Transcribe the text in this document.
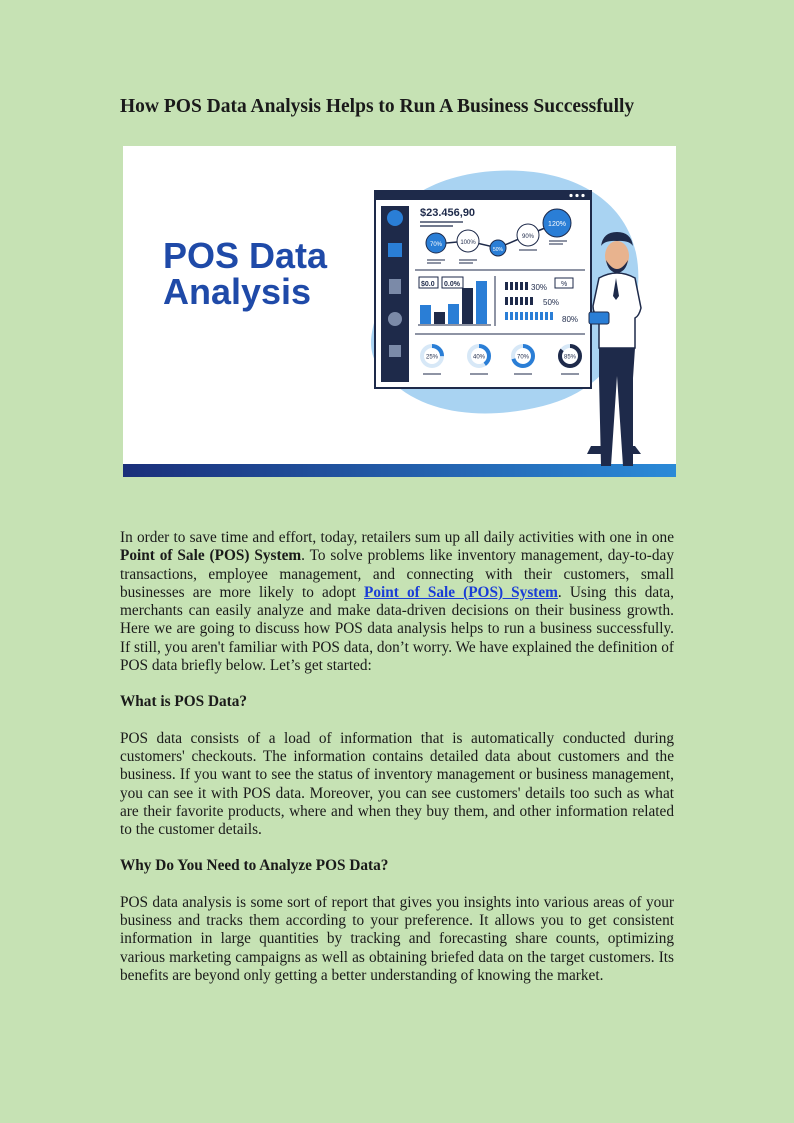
How POS Data Analysis Helps to Run A Business Successfully
POS Data
Analysis
$23.456,90
70%	100%
50%
90%
120%
$0.0 0.0%	30%
50%
80%
%
25%	40%	70%	85%

In order to save time and effort, today, retailers sum up all daily activities with one in one Point of Sale (POS) System. To solve problems like inventory management, day-to-day transactions, employee management, and connecting with their customers, small businesses are more likely to adopt Point of Sale (POS) System. Using this data, merchants can easily analyze and make data-driven decisions on their business growth. Here we are going to discuss how POS data analysis helps to run a business successfully. If still, you aren't familiar with POS data, don’t worry. We have explained the definition of POS data briefly below. Let’s get started:

What is POS Data?

POS data consists of a load of information that is automatically conducted during customers' checkouts. The information contains detailed data about customers and the business. If you want to see the status of inventory management or business management, you can see it with POS data. Moreover, you can see customers' details too such as what are their favorite products, where and when they buy them, and other information related to the customer details.

Why Do You Need to Analyze POS Data?

POS data analysis is some sort of report that gives you insights into various areas of your business and tracks them according to your preference. It allows you to get consistent information in large quantities by tracking and forecasting share counts, optimizing various marketing campaigns as well as obtaining briefed data on the target customers. Its benefits are beyond only getting a better understanding of knowing the market.
